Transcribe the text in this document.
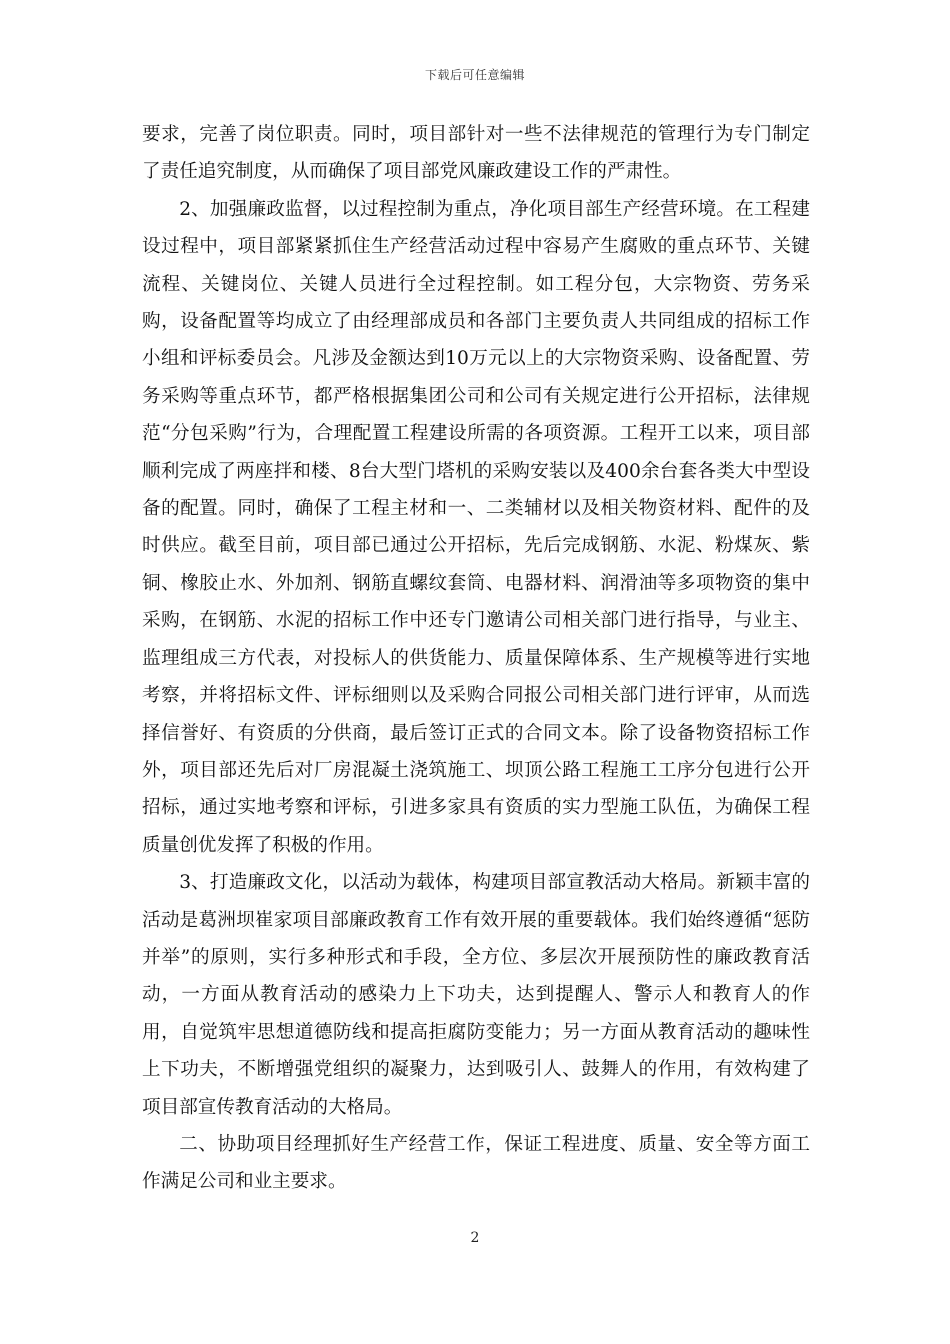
下载后可任意编辑

要求，完善了岗位职责。同时，项目部针对一些不法律规范的管理行为专门制定了责任追究制度，从而确保了项目部党风廉政建设工作的严肃性。

2、加强廉政监督，以过程控制为重点，净化项目部生产经营环境。在工程建设过程中，项目部紧紧抓住生产经营活动过程中容易产生腐败的重点环节、关键流程、关键岗位、关键人员进行全过程控制。如工程分包，大宗物资、劳务采购，设备配置等均成立了由经理部成员和各部门主要负责人共同组成的招标工作小组和评标委员会。凡涉及金额达到10万元以上的大宗物资采购、设备配置、劳务采购等重点环节，都严格根据集团公司和公司有关规定进行公开招标，法律规范“分包采购”行为，合理配置工程建设所需的各项资源。工程开工以来，项目部顺利完成了两座拌和楼、8台大型门塔机的采购安装以及400余台套各类大中型设备的配置。同时，确保了工程主材和一、二类辅材以及相关物资材料、配件的及时供应。截至目前，项目部已通过公开招标，先后完成钢筋、水泥、粉煤灰、紫铜、橡胶止水、外加剂、钢筋直螺纹套筒、电器材料、润滑油等多项物资的集中采购，在钢筋、水泥的招标工作中还专门邀请公司相关部门进行指导，与业主、监理组成三方代表，对投标人的供货能力、质量保障体系、生产规模等进行实地考察，并将招标文件、评标细则以及采购合同报公司相关部门进行评审，从而选择信誉好、有资质的分供商，最后签订正式的合同文本。除了设备物资招标工作外，项目部还先后对厂房混凝土浇筑施工、坝顶公路工程施工工序分包进行公开招标，通过实地考察和评标，引进多家具有资质的实力型施工队伍，为确保工程质量创优发挥了积极的作用。

3、打造廉政文化，以活动为载体，构建项目部宣教活动大格局。新颖丰富的活动是葛洲坝崔家项目部廉政教育工作有效开展的重要载体。我们始终遵循“惩防并举”的原则，实行多种形式和手段，全方位、多层次开展预防性的廉政教育活动，一方面从教育活动的感染力上下功夫，达到提醒人、警示人和教育人的作用，自觉筑牢思想道德防线和提高拒腐防变能力；另一方面从教育活动的趣味性上下功夫，不断增强党组织的凝聚力，达到吸引人、鼓舞人的作用，有效构建了项目部宣传教育活动的大格局。

二、协助项目经理抓好生产经营工作，保证工程进度、质量、安全等方面工作满足公司和业主要求。

2
